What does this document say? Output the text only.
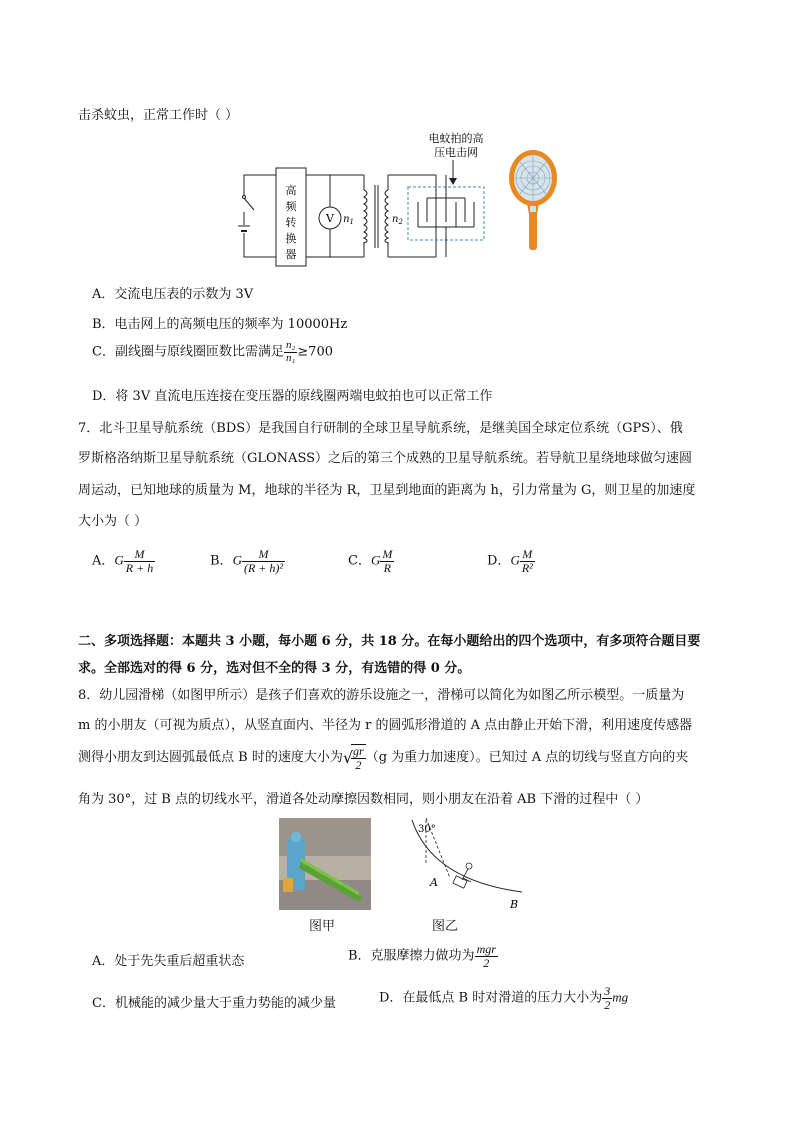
击杀蚊虫，正常工作时（ ）
高
频
转
换
器
V $n_1$	$n_2$
电蚊拍的高
压电击网
A．交流电压表的示数为 3V
B．电击网上的高频电压的频率为 10000Hz
C．副线圈与原线圈匝数比需满足 $\frac{\text{n₂}}{\text{n₁}} \ge 700$
D．将 3V 直流电压连接在变压器的原线圈两端电蚊拍也可以正常工作
7．北斗卫星导航系统（BDS）是我国自行研制的全球卫星导航系统，是继美国全球定位系统（GPS）、俄
罗斯格洛纳斯卫星导航系统（GLONASS）之后的第三个成熟的卫星导航系统。若导航卫星绕地球做匀速圆
周运动，已知地球的质量为 M，地球的半径为 R，卫星到地面的距离为 h，引力常量为 G，则卫星的加速度
大小为（ ）
A．G $\frac{M}{R + h}$	B．G $\frac{M}{\text{(R + h)²}}$	C．G $\frac{M}{R}$	D．G $\frac{M}{\text{R²}}$
二、多项选择题：本题共 3 小题，每小题 6 分，共 18 分。在每小题给出的四个选项中，有多项符合题目要
求。全部选对的得 6 分，选对但不全的得 3 分，有选错的得 0 分。
8．幼儿园滑梯（如图甲所示）是孩子们喜欢的游乐设施之一，滑梯可以简化为如图乙所示模型。一质量为
m 的小朋友（可视为质点），从竖直面内、半径为 r 的圆弧形滑道的 A 点由静止开始下滑，利用速度传感器
测得小朋友到达圆弧最低点 B 时的速度大小为√
$\frac{gr}{2} (g$ 为重力加速度）。已知过 A 点的切线与竖直方向的夹
角为 30°，过 B 点的切线水平，滑道各处动摩擦因数相同，则小朋友在沿着 AB 下滑的过程中（ ）
图甲
30°
A
B
图乙
A．处于先失重后超重状态	B．克服摩擦力做功为 $\frac{\text{mgr}}{2}$
C．机械能的减少量大于重力势能的减少量	D．在最低点 B 时对滑道的压力大小为 $\frac{3}{2}$ mg
